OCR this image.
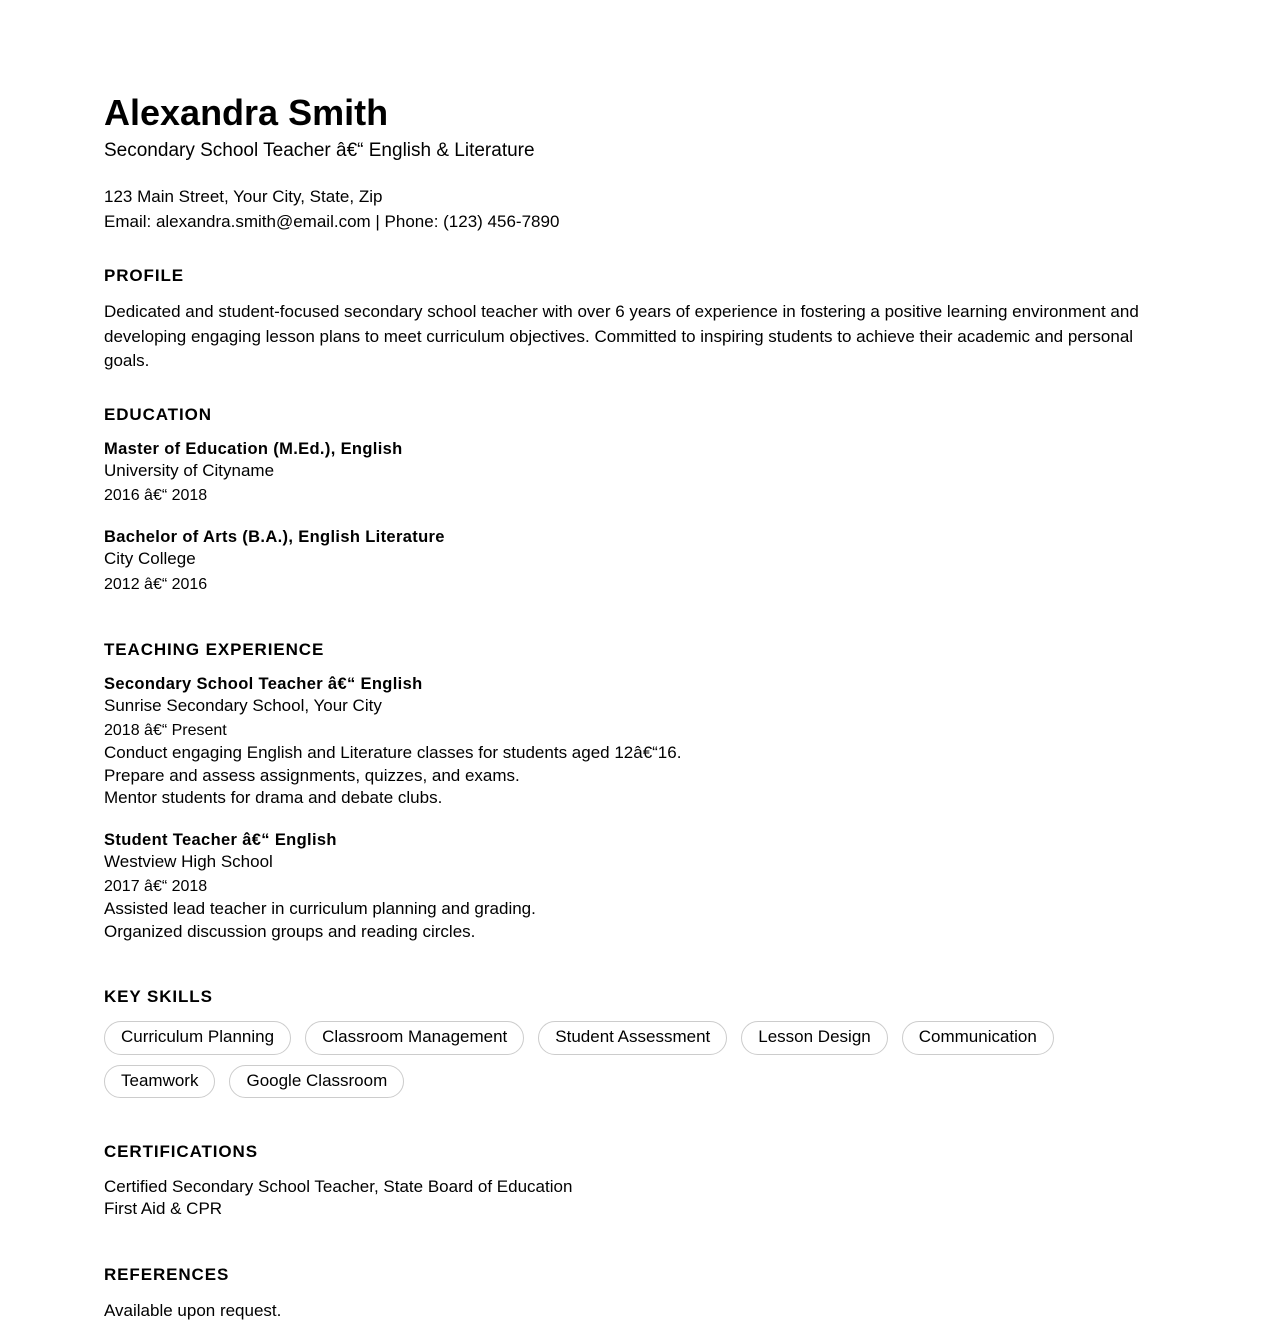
Alexandra Smith
Secondary School Teacher â€“ English & Literature

123 Main Street, Your City, State, Zip

Email: alexandra.smith@email.com | Phone: (123) 456-7890

PROFILE

Dedicated and student-focused secondary school teacher with over 6 years of experience in fostering a positive learning environment and developing engaging lesson plans to meet curriculum objectives. Committed to inspiring students to achieve their academic and personal goals.

EDUCATION

Master of Education (M.Ed.), English

University of Cityname

2016 â€“ 2018

Bachelor of Arts (B.A.), English Literature

City College

2012 â€“ 2016

TEACHING EXPERIENCE

Secondary School Teacher â€“ English

Sunrise Secondary School, Your City

2018 â€“ Present

Conduct engaging English and Literature classes for students aged 12â€“16.

Prepare and assess assignments, quizzes, and exams.

Mentor students for drama and debate clubs.

Student Teacher â€“ English

Westview High School

2017 â€“ 2018

Assisted lead teacher in curriculum planning and grading.

Organized discussion groups and reading circles.

KEY SKILLS
Curriculum Planning	Classroom Management	Student Assessment	Lesson Design	Communication
Teamwork	Google Classroom
CERTIFICATIONS

Certified Secondary School Teacher, State Board of Education

First Aid & CPR

REFERENCES

Available upon request.
